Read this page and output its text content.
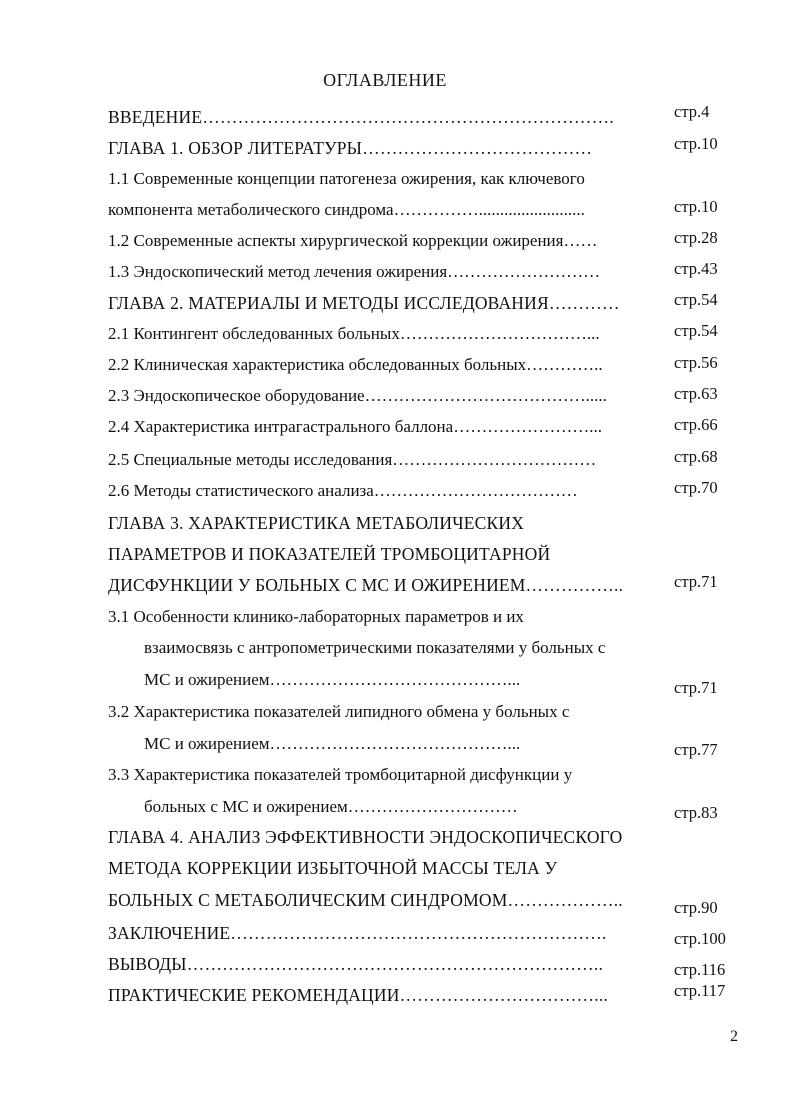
ОГЛАВЛЕНИЕ
ВВЕДЕНИЕ…………………………………………………………….
ГЛАВА 1. ОБЗОР ЛИТЕРАТУРЫ…………………………………
1.1 Современные концепции патогенеза ожирения, как ключевого
компонента метаболического синдрома…………….........................
1.2 Современные аспекты хирургической коррекции ожирения……
1.3 Эндоскопический метод лечения ожирения………………………
ГЛАВА 2. МАТЕРИАЛЫ И МЕТОДЫ ИССЛЕДОВАНИЯ…………
2.1 Контингент обследованных больных……………………………...
2.2 Клиническая характеристика обследованных больных…………..
2.3 Эндоскопическое оборудование………………………………….....
2.4 Характеристика интрагастрального баллона……………………...
2.5 Специальные методы исследования………………………………
2.6 Методы статистического анализа………………………………
ГЛАВА 3. ХАРАКТЕРИСТИКА МЕТАБОЛИЧЕСКИХ
ПАРАМЕТРОВ И ПОКАЗАТЕЛЕЙ ТРОМБОЦИТАРНОЙ
ДИСФУНКЦИИ У БОЛЬНЫХ С МС И ОЖИРЕНИЕМ……………..
3.1 Особенности клинико-лабораторных параметров и их
взаимосвязь с антропометрическими показателями у больных с
МС и ожирением……………………………………...
3.2 Характеристика показателей липидного обмена у больных с
МС и ожирением……………………………………...
3.3 Характеристика показателей тромбоцитарной дисфункции у
больных с МС и ожирением…………………………
ГЛАВА 4. АНАЛИЗ ЭФФЕКТИВНОСТИ ЭНДОСКОПИЧЕСКОГО
МЕТОДА КОРРЕКЦИИ ИЗБЫТОЧНОЙ МАССЫ ТЕЛА У
БОЛЬНЫХ С МЕТАБОЛИЧЕСКИМ СИНДРОМОМ………………..
ЗАКЛЮЧЕНИЕ……………………………………………………….
ВЫВОДЫ……………………………………………………………..
ПРАКТИЧЕСКИЕ РЕКОМЕНДАЦИИ……………………………...
стр.4
стр.10
стр.10
стр.28
стр.43
стр.54
стр.54
стр.56
стр.63
стр.66
стр.68
стр.70
стр.71
стр.71
стр.77
стр.83
стр.90
стр.100
стр.116
стр.117
2
